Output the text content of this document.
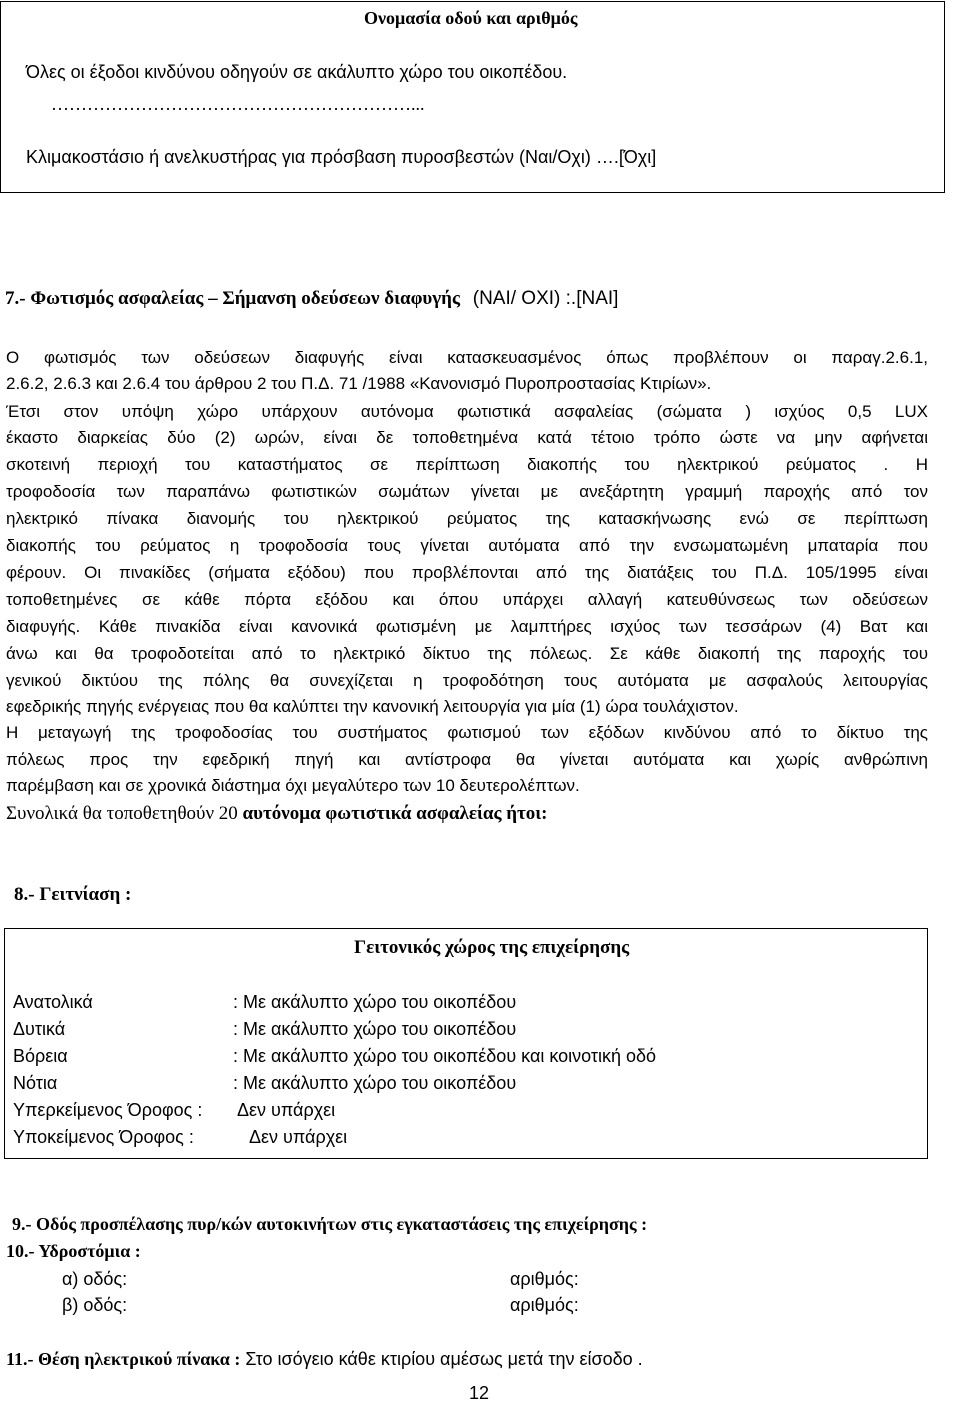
Ονομασία οδού και αριθμός
Όλες οι έξοδοι κινδύνου οδηγούν σε ακάλυπτο χώρο του οικοπέδου.
……………………………………………………...
Κλιμακοστάσιο ή ανελκυστήρας για πρόσβαση πυροσβεστών (Ναι/Οχι) ….[Όχι]
7.- Φωτισμός ασφαλείας – Σήμανση οδεύσεων διαφυγής (ΝΑΙ/ ΟΧΙ) :.[ΝΑΙ]
Ο φωτισμός των οδεύσεων διαφυγής είναι κατασκευασμένος όπως προβλέπουν οι παραγ.2.6.1,
2.6.2, 2.6.3 και 2.6.4 του άρθρου 2 του Π.Δ. 71 /1988 «Κανονισμό Πυροπροστασίας Κτιρίων».
Έτσι στον υπόψη χώρο υπάρχουν αυτόνομα φωτιστικά ασφαλείας (σώματα ) ισχύος 0,5 LUX
έκαστο διαρκείας δύο (2) ωρών, είναι δε τοποθετημένα κατά τέτοιο τρόπο ώστε να μην αφήνεται
σκοτεινή περιοχή του καταστήματος σε περίπτωση διακοπής του ηλεκτρικού ρεύματος . Η
τροφοδοσία των παραπάνω φωτιστικών σωμάτων γίνεται με ανεξάρτητη γραμμή παροχής από τον
ηλεκτρικό πίνακα διανομής του ηλεκτρικού ρεύματος της κατασκήνωσης ενώ σε περίπτωση
διακοπής του ρεύματος η τροφοδοσία τους γίνεται αυτόματα από την ενσωματωμένη μπαταρία που
φέρουν. Οι πινακίδες (σήματα εξόδου) που προβλέπονται από της διατάξεις του Π.Δ. 105/1995 είναι
τοποθετημένες σε κάθε πόρτα εξόδου και όπου υπάρχει αλλαγή κατευθύνσεως των οδεύσεων
διαφυγής. Κάθε πινακίδα είναι κανονικά φωτισμένη με λαμπτήρες ισχύος των τεσσάρων (4) Βατ και
άνω και θα τροφοδοτείται από το ηλεκτρικό δίκτυο της πόλεως. Σε κάθε διακοπή της παροχής του
γενικού δικτύου της πόλης θα συνεχίζεται η τροφοδότηση τους αυτόματα με ασφαλούς λειτουργίας
εφεδρικής πηγής ενέργειας που θα καλύπτει την κανονική λειτουργία για μία (1) ώρα τουλάχιστον.
Η μεταγωγή της τροφοδοσίας του συστήματος φωτισμού των εξόδων κινδύνου από το δίκτυο της
πόλεως προς την εφεδρική πηγή και αντίστροφα θα γίνεται αυτόματα και χωρίς ανθρώπινη
παρέμβαση και σε χρονικά διάστημα όχι μεγαλύτερο των 10 δευτερολέπτων.
Συνολικά θα τοποθετηθούν 20 αυτόνομα φωτιστικά ασφαλείας ήτοι:
8.- Γειτνίαση :
Γειτονικός χώρος της επιχείρησης
Ανατολικά	: Με ακάλυπτο χώρο του οικοπέδου
Δυτικά	: Με ακάλυπτο χώρο του οικοπέδου
Βόρεια	: Με ακάλυπτο χώρο του οικοπέδου και κοινοτική οδό
Νότια	: Με ακάλυπτο χώρο του οικοπέδου
Υπερκείμενος Όροφος : Δεν υπάρχει
Υποκείμενος Όροφος :	Δεν υπάρχει
9.- Οδός προσπέλασης πυρ/κών αυτοκινήτων στις εγκαταστάσεις της επιχείρησης :
10.- Υδροστόμια :
α) οδός:	αριθμός:
β) οδός:	αριθμός:
11.- Θέση ηλεκτρικού πίνακα : Στο ισόγειο κάθε κτιρίου αμέσως μετά την είσοδο .
12
